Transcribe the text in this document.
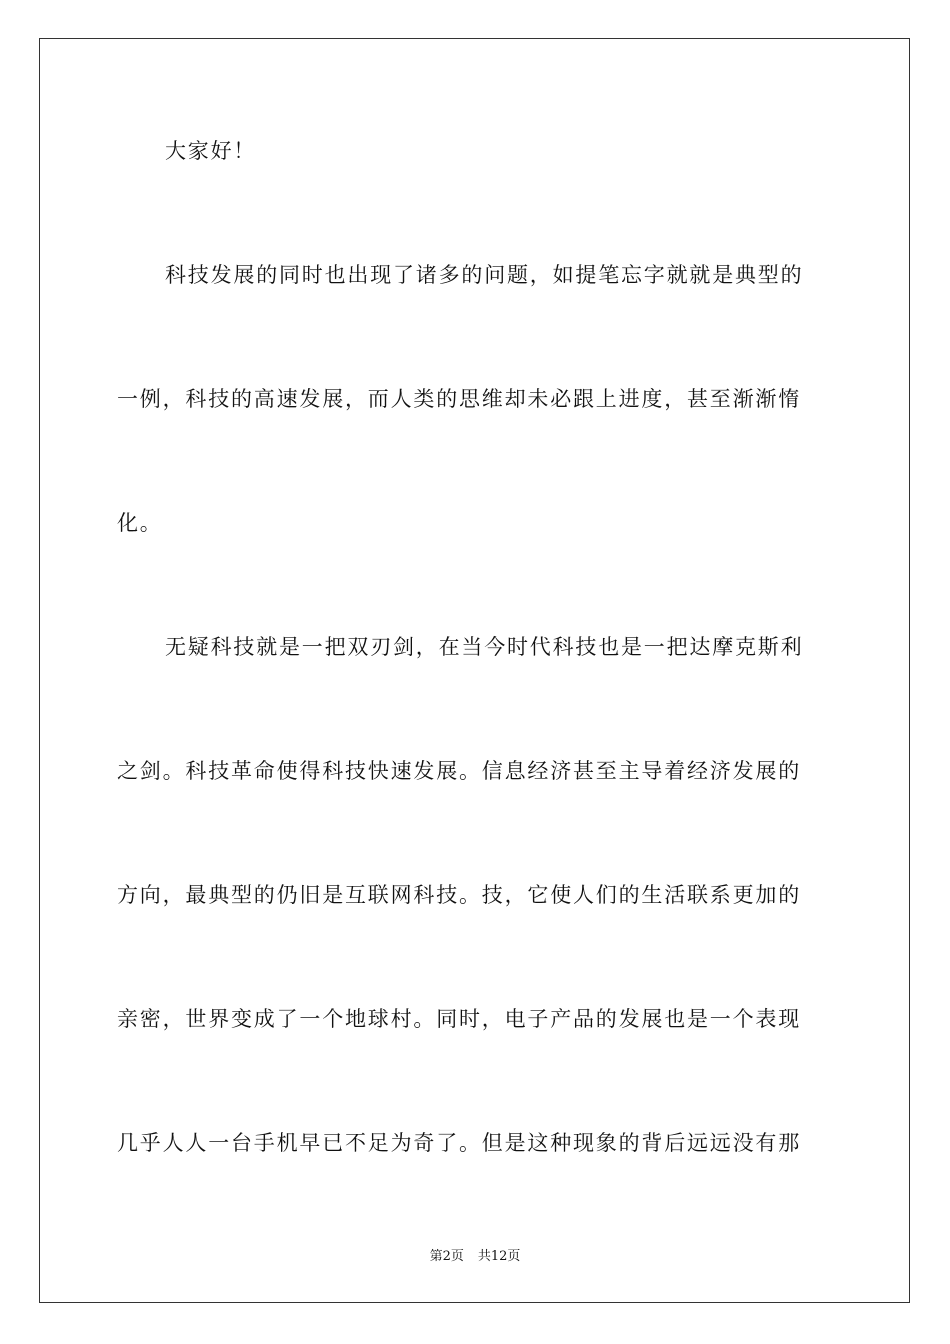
大家好！
科技发展的同时也出现了诸多的问题，如提笔忘字就就是典型的
一例，科技的高速发展，而人类的思维却未必跟上进度，甚至渐渐惰
化。
无疑科技就是一把双刃剑，在当今时代科技也是一把达摩克斯利
之剑。科技革命使得科技快速发展。信息经济甚至主导着经济发展的
方向，最典型的仍旧是互联网科技。技，它使人们的生活联系更加的
亲密，世界变成了一个地球村。同时，电子产品的发展也是一个表现
几乎人人一台手机早已不足为奇了。但是这种现象的背后远远没有那
第2页 共12页
